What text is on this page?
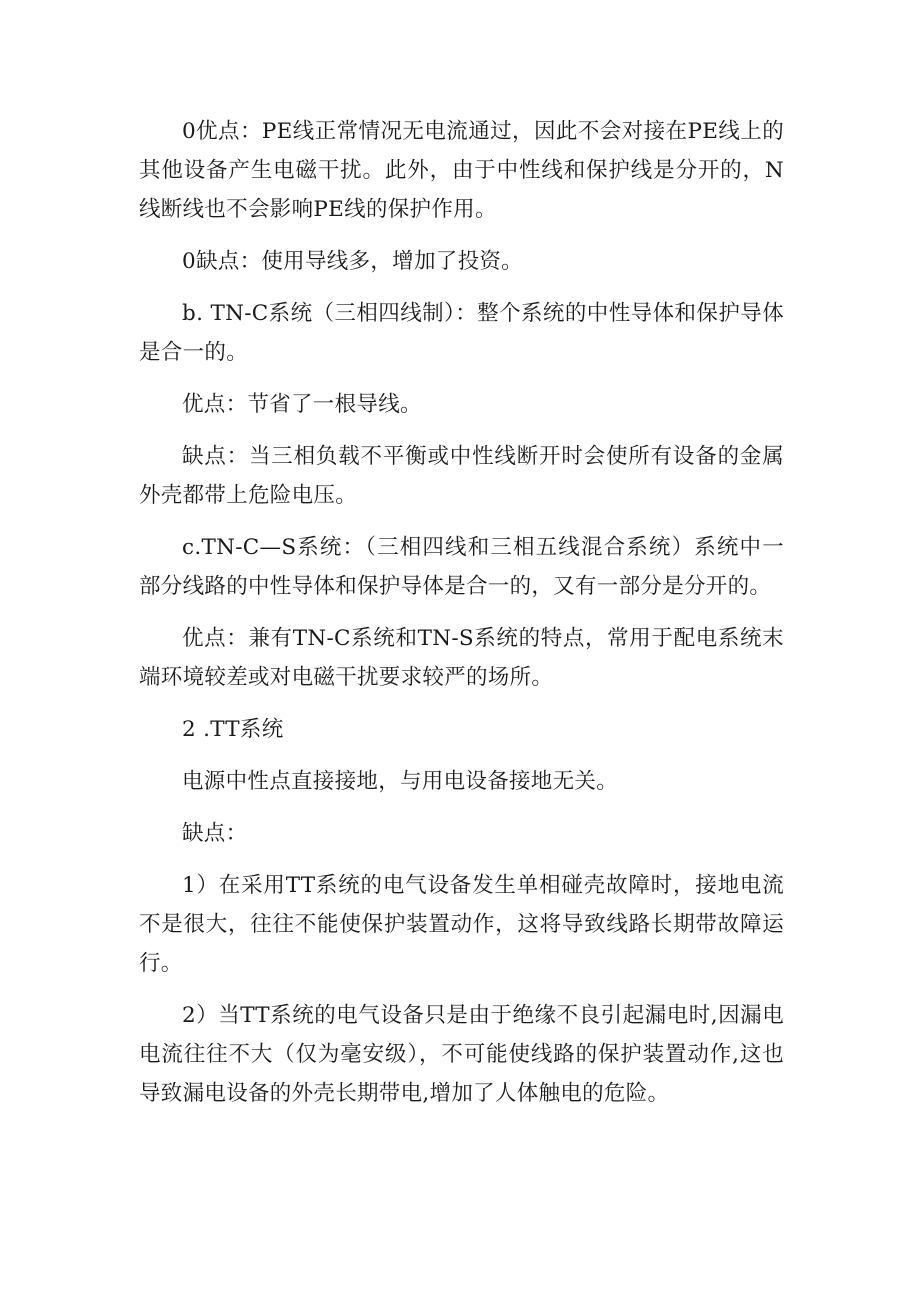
0优点：PE线正常情况无电流通过，因此不会对接在PE线上的其他设备产生电磁干扰。此外，由于中性线和保护线是分开的，N线断线也不会影响PE线的保护作用。

0缺点：使用导线多，增加了投资。

b. TN-C系统（三相四线制）：整个系统的中性导体和保护导体是合一的。

优点：节省了一根导线。

缺点：当三相负载不平衡或中性线断开时会使所有设备的金属外壳都带上危险电压。

c.TN-C—S系统：（三相四线和三相五线混合系统）系统中一部分线路的中性导体和保护导体是合一的，又有一部分是分开的。

优点：兼有TN-C系统和TN-S系统的特点，常用于配电系统末端环境较差或对电磁干扰要求较严的场所。

2 .TT系统

电源中性点直接接地，与用电设备接地无关。

缺点：

1）在采用TT系统的电气设备发生单相碰壳故障时，接地电流不是很大，往往不能使保护装置动作，这将导致线路长期带故障运行。

2）当TT系统的电气设备只是由于绝缘不良引起漏电时,因漏电电流往往不大（仅为毫安级），不可能使线路的保护装置动作,这也导致漏电设备的外壳长期带电,增加了人体触电的危险。
